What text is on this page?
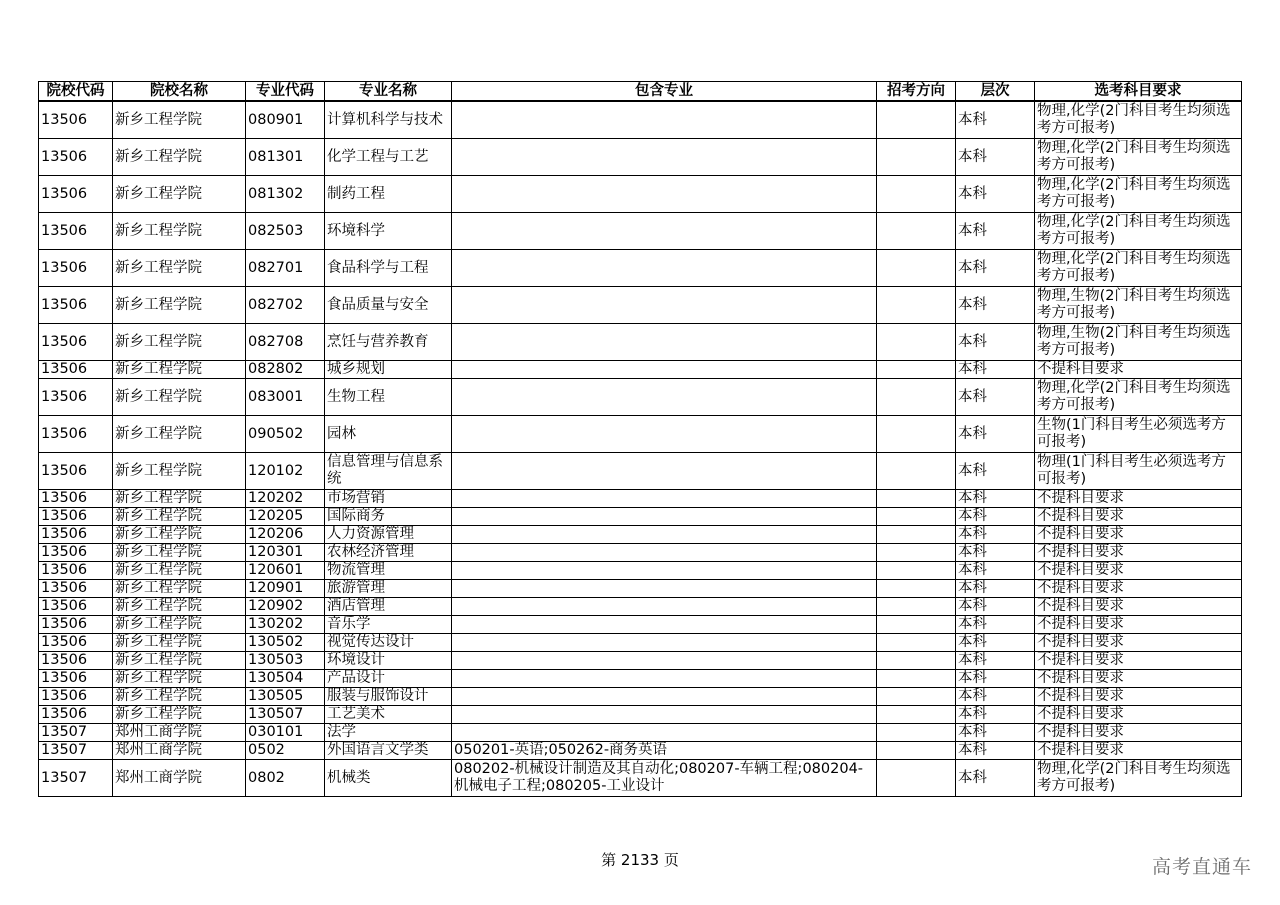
院校代码	院校名称	专业代码	专业名称	包含专业	招考方向	层次	选考科目要求
13506	新乡工程学院	080901	计算机科学与技术			本科	物理,化学(2门科目考生均须选考方可报考)
13506	新乡工程学院	081301	化学工程与工艺			本科	物理,化学(2门科目考生均须选考方可报考)
13506	新乡工程学院	081302	制药工程			本科	物理,化学(2门科目考生均须选考方可报考)
13506	新乡工程学院	082503	环境科学			本科	物理,化学(2门科目考生均须选考方可报考)
13506	新乡工程学院	082701	食品科学与工程			本科	物理,化学(2门科目考生均须选考方可报考)
13506	新乡工程学院	082702	食品质量与安全			本科	物理,生物(2门科目考生均须选考方可报考)
13506	新乡工程学院	082708	烹饪与营养教育			本科	物理,生物(2门科目考生均须选考方可报考)
13506	新乡工程学院	082802	城乡规划			本科	不提科目要求
13506	新乡工程学院	083001	生物工程			本科	物理,化学(2门科目考生均须选考方可报考)
13506	新乡工程学院	090502	园林			本科	生物(1门科目考生必须选考方可报考)
13506	新乡工程学院	120102	信息管理与信息系统			本科	物理(1门科目考生必须选考方可报考)
13506	新乡工程学院	120202	市场营销			本科	不提科目要求
13506	新乡工程学院	120205	国际商务			本科	不提科目要求
13506	新乡工程学院	120206	人力资源管理			本科	不提科目要求
13506	新乡工程学院	120301	农林经济管理			本科	不提科目要求
13506	新乡工程学院	120601	物流管理			本科	不提科目要求
13506	新乡工程学院	120901	旅游管理			本科	不提科目要求
13506	新乡工程学院	120902	酒店管理			本科	不提科目要求
13506	新乡工程学院	130202	音乐学			本科	不提科目要求
13506	新乡工程学院	130502	视觉传达设计			本科	不提科目要求
13506	新乡工程学院	130503	环境设计			本科	不提科目要求
13506	新乡工程学院	130504	产品设计			本科	不提科目要求
13506	新乡工程学院	130505	服装与服饰设计			本科	不提科目要求
13506	新乡工程学院	130507	工艺美术			本科	不提科目要求
13507	郑州工商学院	030101	法学			本科	不提科目要求
13507	郑州工商学院	0502	外国语言文学类	050201-英语;050262-商务英语		本科	不提科目要求
13507	郑州工商学院	0802	机械类	080202-机械设计制造及其自动化;080207-车辆工程;080204-机械电子工程;080205-工业设计		本科	物理,化学(2门科目考生均须选考方可报考)
第 2133 页	高考直通车
